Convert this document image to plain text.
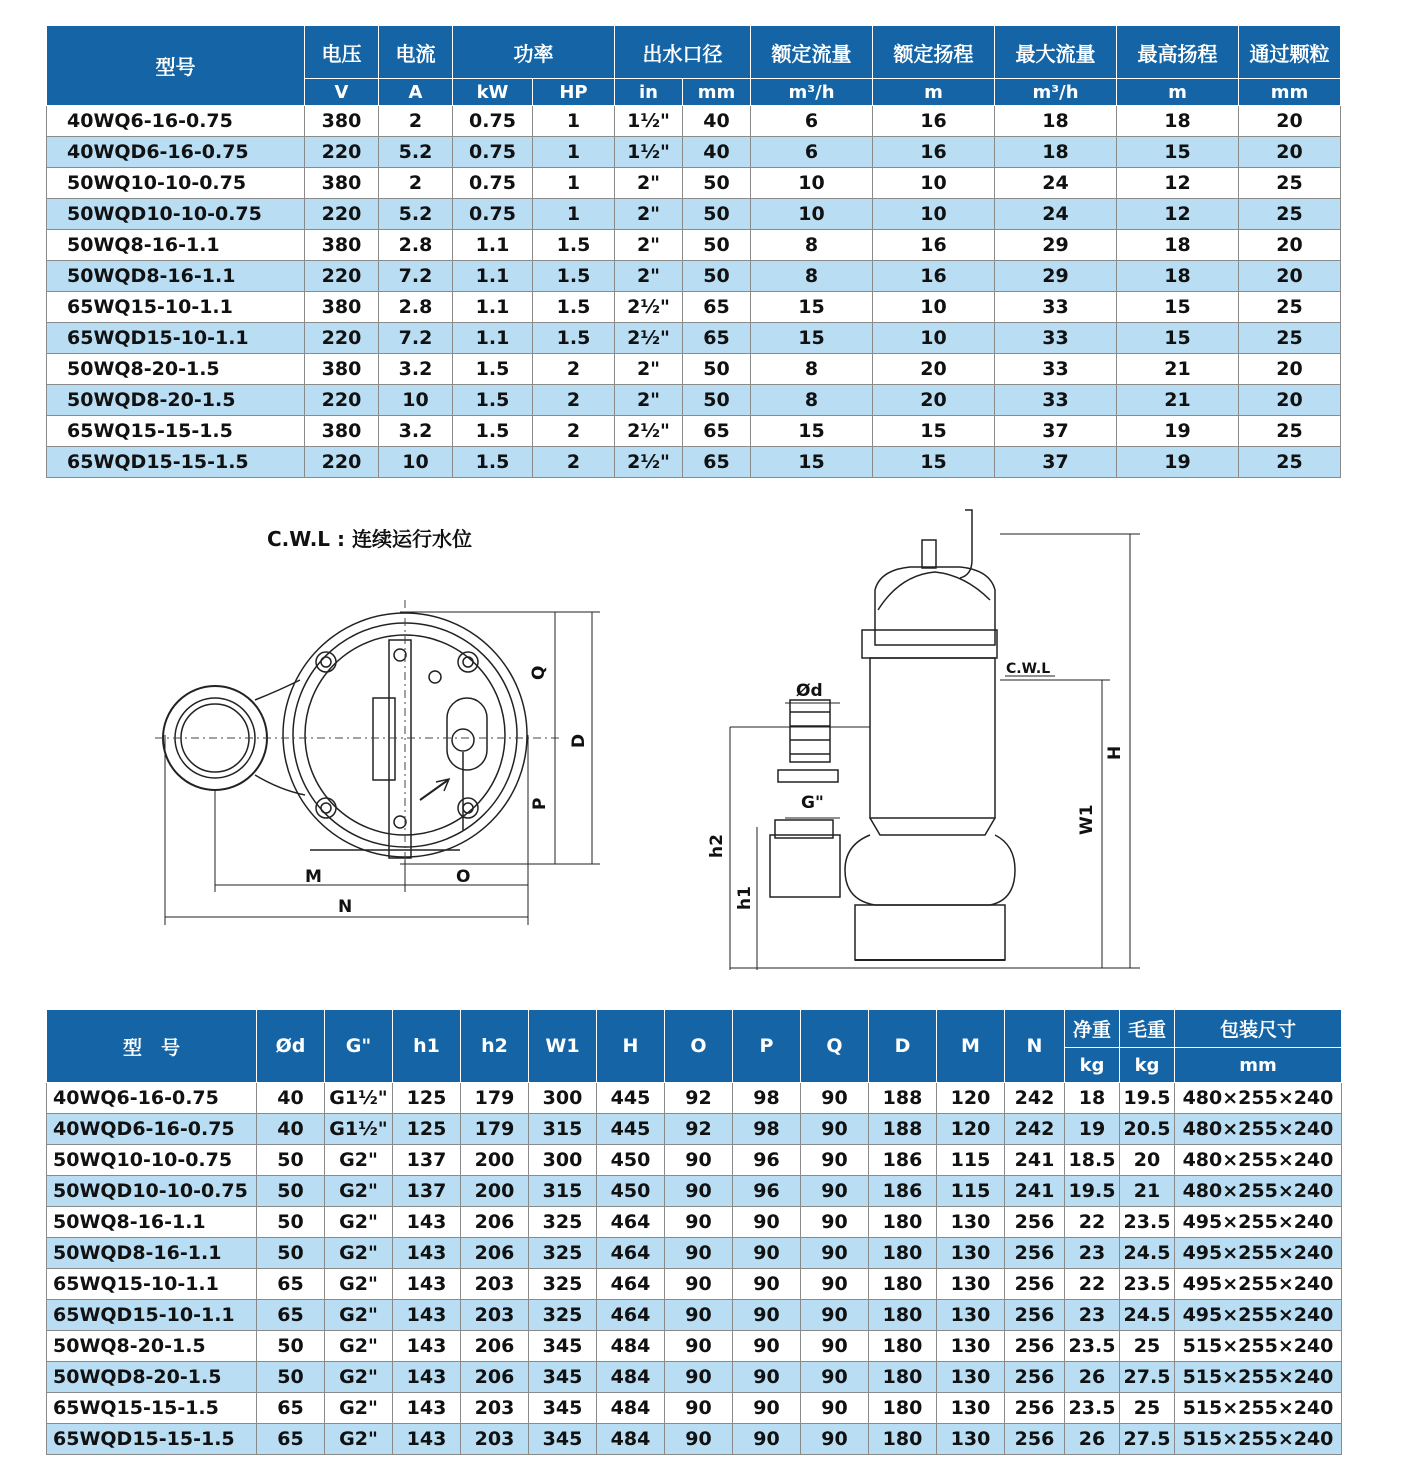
型号	电压	电流	功率		出水口径		额定流量	额定扬程	最大流量	最高扬程	通过颗粒
	V	A	kW	HP	in	mm	m³/h	m	m³/h	m	mm
40WQ6-16-0.75	380	2	0.75	1	1½"	40	6	16	18	18	20
40WQD6-16-0.75	220	5.2	0.75	1	1½"	40	6	16	18	15	20
50WQ10-10-0.75	380	2	0.75	1	2"	50	10	10	24	12	25
50WQD10-10-0.75	220	5.2	0.75	1	2"	50	10	10	24	12	25
50WQ8-16-1.1	380	2.8	1.1	1.5	2"	50	8	16	29	18	20
50WQD8-16-1.1	220	7.2	1.1	1.5	2"	50	8	16	29	18	20
65WQ15-10-1.1	380	2.8	1.1	1.5	2½"	65	15	10	33	15	25
65WQD15-10-1.1	220	7.2	1.1	1.5	2½"	65	15	10	33	15	25
50WQ8-20-1.5	380	3.2	1.5	2	2"	50	8	20	33	21	20
50WQD8-20-1.5	220	10	1.5	2	2"	50	8	20	33	21	20
65WQ15-15-1.5	380	3.2	1.5	2	2½"	65	15	15	37	19	25
65WQD15-15-1.5	220	10	1.5	2	2½"	65	15	15	37	19	25
C.W.L : 连续运行水位
Q
D
P
M	O
N
Ød
G"
C.W.L
H
W1
h2
h1
型　号	Ød	G"	h1	h2	W1	H	O	P	Q	D	M	N	净重	毛重	包装尺寸
													kg	kg	mm
40WQ6-16-0.75	40	G1½"	125	179	300	445	92	98	90	188	120	242	18	19.5	480×255×240
40WQD6-16-0.75	40	G1½"	125	179	315	445	92	98	90	188	120	242	19	20.5	480×255×240
50WQ10-10-0.75	50	G2"	137	200	300	450	90	96	90	186	115	241	18.5	20	480×255×240
50WQD10-10-0.75	50	G2"	137	200	315	450	90	96	90	186	115	241	19.5	21	480×255×240
50WQ8-16-1.1	50	G2"	143	206	325	464	90	90	90	180	130	256	22	23.5	495×255×240
50WQD8-16-1.1	50	G2"	143	206	325	464	90	90	90	180	130	256	23	24.5	495×255×240
65WQ15-10-1.1	65	G2"	143	203	325	464	90	90	90	180	130	256	22	23.5	495×255×240
65WQD15-10-1.1	65	G2"	143	203	325	464	90	90	90	180	130	256	23	24.5	495×255×240
50WQ8-20-1.5	50	G2"	143	206	345	484	90	90	90	180	130	256	23.5	25	515×255×240
50WQD8-20-1.5	50	G2"	143	206	345	484	90	90	90	180	130	256	26	27.5	515×255×240
65WQ15-15-1.5	65	G2"	143	203	345	484	90	90	90	180	130	256	23.5	25	515×255×240
65WQD15-15-1.5	65	G2"	143	203	345	484	90	90	90	180	130	256	26	27.5	515×255×240
